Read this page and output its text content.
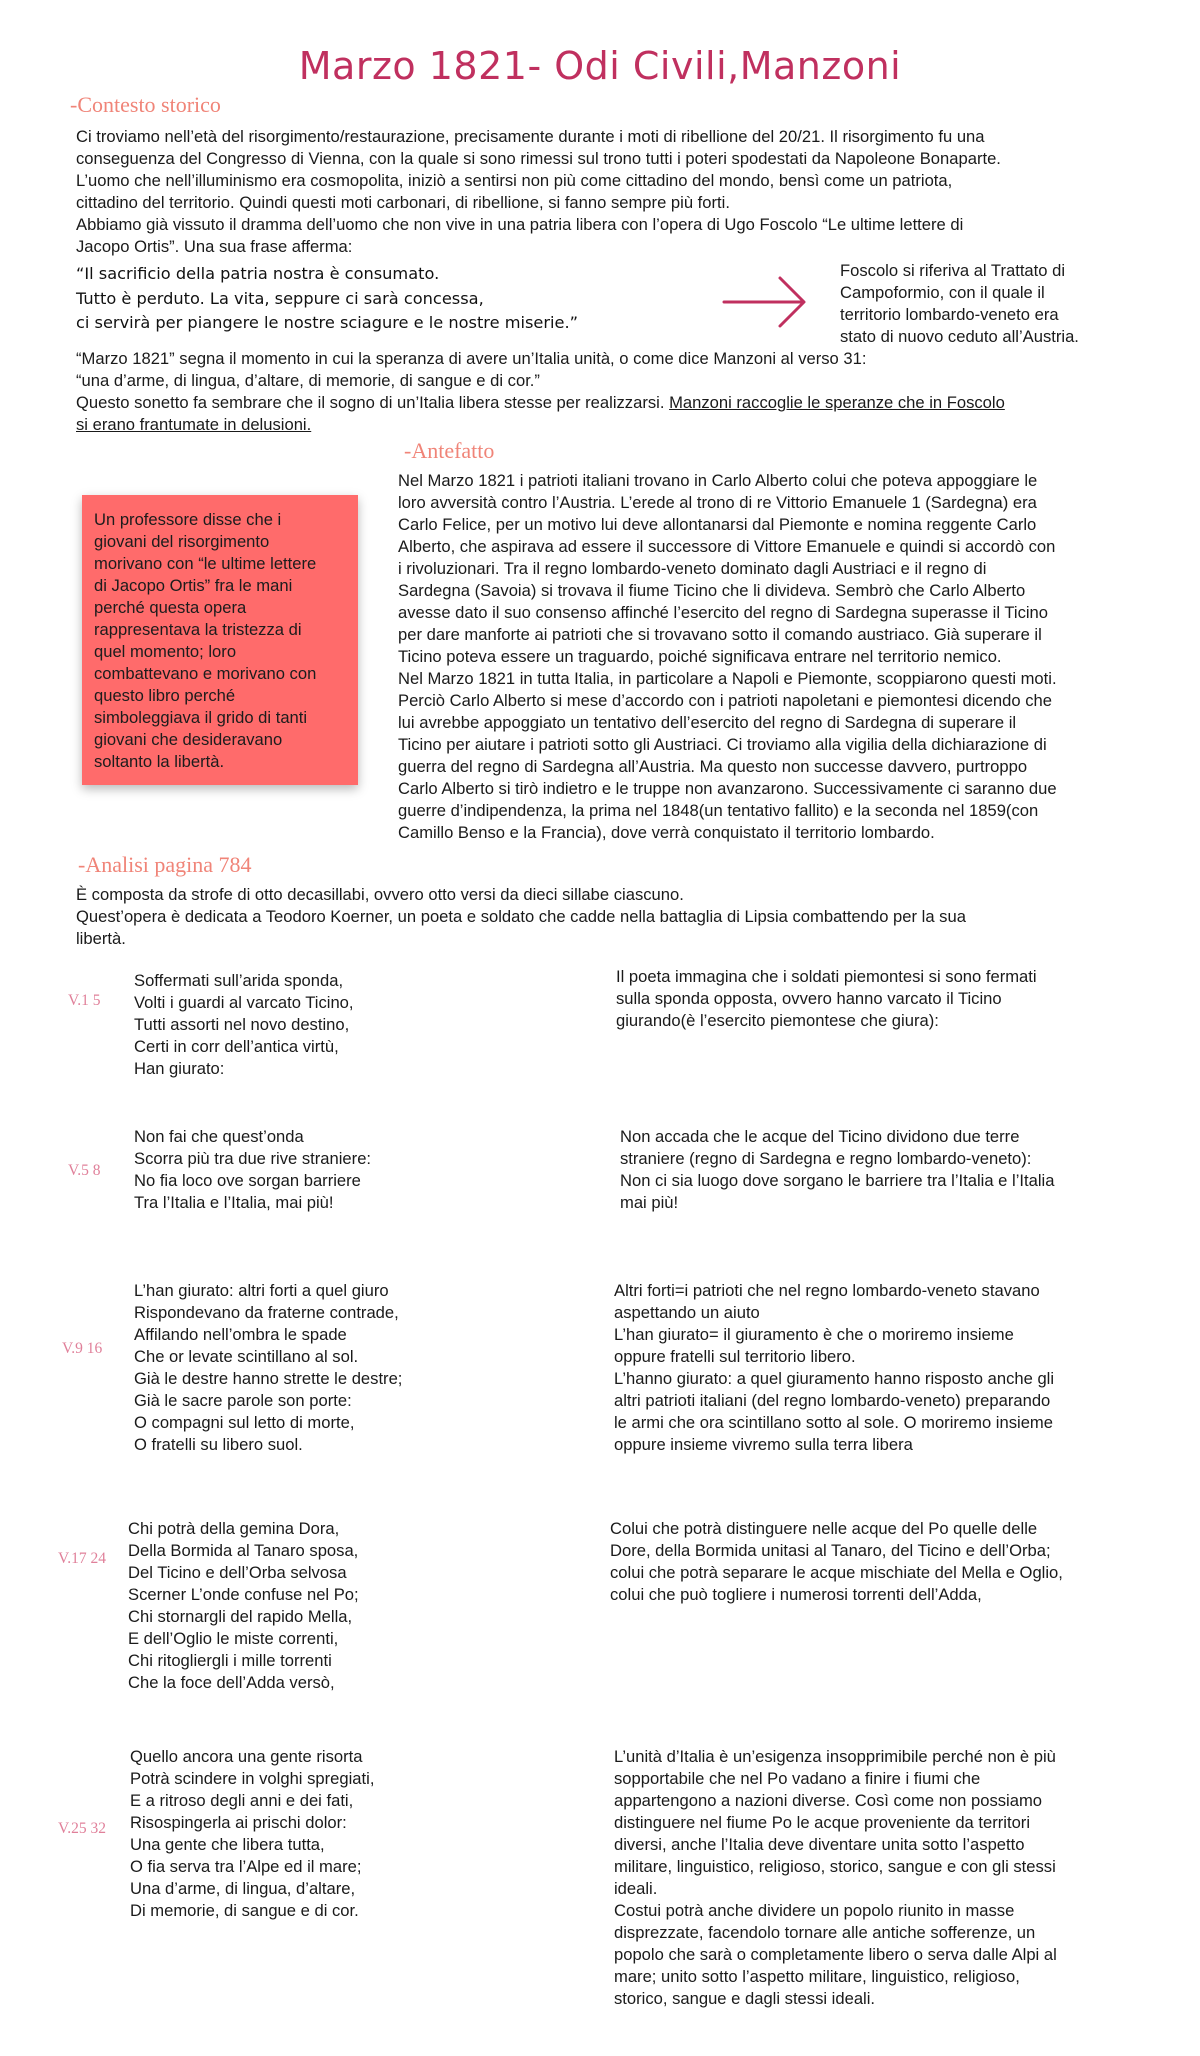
Marzo 1821- Odi Civili,Manzoni
-Contesto storico
Ci troviamo nell’età del risorgimento/restaurazione, precisamente durante i moti di ribellione del 20/21. Il risorgimento fu una
conseguenza del Congresso di Vienna, con la quale si sono rimessi sul trono tutti i poteri spodestati da Napoleone Bonaparte.
L’uomo che nell’illuminismo era cosmopolita, iniziò a sentirsi non più come cittadino del mondo, bensì come un patriota,
cittadino del territorio. Quindi questi moti carbonari, di ribellione, si fanno sempre più forti.
Abbiamo già vissuto il dramma dell’uomo che non vive in una patria libera con l’opera di Ugo Foscolo “Le ultime lettere di
Jacopo Ortis”. Una sua frase afferma:
“Il sacrificio della patria nostra è consumato.
Tutto è perduto. La vita, seppure ci sarà concessa,
ci servirà per piangere le nostre sciagure e le nostre miserie.”
Foscolo si riferiva al Trattato di
Campoformio, con il quale il
territorio lombardo-veneto era
stato di nuovo ceduto all’Austria.
“Marzo 1821” segna il momento in cui la speranza di avere un’Italia unità, o come dice Manzoni al verso 31:
“una d’arme, di lingua, d’altare, di memorie, di sangue e di cor.”
Questo sonetto fa sembrare che il sogno di un’Italia libera stesse per realizzarsi. Manzoni raccoglie le speranze che in Foscolo
si erano frantumate in delusioni.
-Antefatto
Un professore disse che i
giovani del risorgimento
morivano con “le ultime lettere
di Jacopo Ortis” fra le mani
perché questa opera
rappresentava la tristezza di
quel momento; loro
combattevano e morivano con
questo libro perché
simboleggiava il grido di tanti
giovani che desideravano
soltanto la libertà.
Nel Marzo 1821 i patrioti italiani trovano in Carlo Alberto colui che poteva appoggiare le
loro avversità contro l’Austria. L’erede al trono di re Vittorio Emanuele 1 (Sardegna) era
Carlo Felice, per un motivo lui deve allontanarsi dal Piemonte e nomina reggente Carlo
Alberto, che aspirava ad essere il successore di Vittore Emanuele e quindi si accordò con
i rivoluzionari. Tra il regno lombardo-veneto dominato dagli Austriaci e il regno di
Sardegna (Savoia) si trovava il fiume Ticino che li divideva. Sembrò che Carlo Alberto
avesse dato il suo consenso affinché l’esercito del regno di Sardegna superasse il Ticino
per dare manforte ai patrioti che si trovavano sotto il comando austriaco. Già superare il
Ticino poteva essere un traguardo, poiché significava entrare nel territorio nemico.
Nel Marzo 1821 in tutta Italia, in particolare a Napoli e Piemonte, scoppiarono questi moti.
Perciò Carlo Alberto si mese d’accordo con i patrioti napoletani e piemontesi dicendo che
lui avrebbe appoggiato un tentativo dell’esercito del regno di Sardegna di superare il
Ticino per aiutare i patrioti sotto gli Austriaci. Ci troviamo alla vigilia della dichiarazione di
guerra del regno di Sardegna all’Austria. Ma questo non successe davvero, purtroppo
Carlo Alberto si tirò indietro e le truppe non avanzarono. Successivamente ci saranno due
guerre d’indipendenza, la prima nel 1848(un tentativo fallito) e la seconda nel 1859(con
Camillo Benso e la Francia), dove verrà conquistato il territorio lombardo.
-Analisi pagina 784
È composta da strofe di otto decasillabi, ovvero otto versi da dieci sillabe ciascuno.
Quest’opera è dedicata a Teodoro Koerner, un poeta e soldato che cadde nella battaglia di Lipsia combattendo per la sua
libertà.
V.1 5
Soffermati sull’arida sponda,
Volti i guardi al varcato Ticino,
Tutti assorti nel novo destino,
Certi in corr dell’antica virtù,
Han giurato:
Il poeta immagina che i soldati piemontesi si sono fermati
sulla sponda opposta, ovvero hanno varcato il Ticino
giurando(è l’esercito piemontese che giura):
V.5 8
Non fai che quest’onda
Scorra più tra due rive straniere:
No fia loco ove sorgan barriere
Tra l’Italia e l’Italia, mai più!
Non accada che le acque del Ticino dividono due terre
straniere (regno di Sardegna e regno lombardo-veneto):
Non ci sia luogo dove sorgano le barriere tra l’Italia e l’Italia
mai più!
V.9 16
L’han giurato: altri forti a quel giuro
Rispondevano da fraterne contrade,
Affilando nell’ombra le spade
Che or levate scintillano al sol.
Già le destre hanno strette le destre;
Già le sacre parole son porte:
O compagni sul letto di morte,
O fratelli su libero suol.
Altri forti=i patrioti che nel regno lombardo-veneto stavano
aspettando un aiuto
L’han giurato= il giuramento è che o moriremo insieme
oppure fratelli sul territorio libero.
L’hanno giurato: a quel giuramento hanno risposto anche gli
altri patrioti italiani (del regno lombardo-veneto) preparando
le armi che ora scintillano sotto al sole. O moriremo insieme
oppure insieme vivremo sulla terra libera
V.17 24
Chi potrà della gemina Dora,
Della Bormida al Tanaro sposa,
Del Ticino e dell’Orba selvosa
Scerner L’onde confuse nel Po;
Chi stornargli del rapido Mella,
E dell’Oglio le miste correnti,
Chi ritogliergli i mille torrenti
Che la foce dell’Adda versò,
Colui che potrà distinguere nelle acque del Po quelle delle
Dore, della Bormida unitasi al Tanaro, del Ticino e dell’Orba;
colui che potrà separare le acque mischiate del Mella e Oglio,
colui che può togliere i numerosi torrenti dell’Adda,
V.25 32
Quello ancora una gente risorta
Potrà scindere in volghi spregiati,
E a ritroso degli anni e dei fati,
Risospingerla ai prischi dolor:
Una gente che libera tutta,
O fia serva tra l’Alpe ed il mare;
Una d’arme, di lingua, d’altare,
Di memorie, di sangue e di cor.
L’unità d’Italia è un’esigenza insopprimibile perché non è più
sopportabile che nel Po vadano a finire i fiumi che
appartengono a nazioni diverse. Così come non possiamo
distinguere nel fiume Po le acque proveniente da territori
diversi, anche l’Italia deve diventare unita sotto l’aspetto
militare, linguistico, religioso, storico, sangue e con gli stessi
ideali.
Costui potrà anche dividere un popolo riunito in masse
disprezzate, facendolo tornare alle antiche sofferenze, un
popolo che sarà o completamente libero o serva dalle Alpi al
mare; unito sotto l’aspetto militare, linguistico, religioso,
storico, sangue e dagli stessi ideali.
